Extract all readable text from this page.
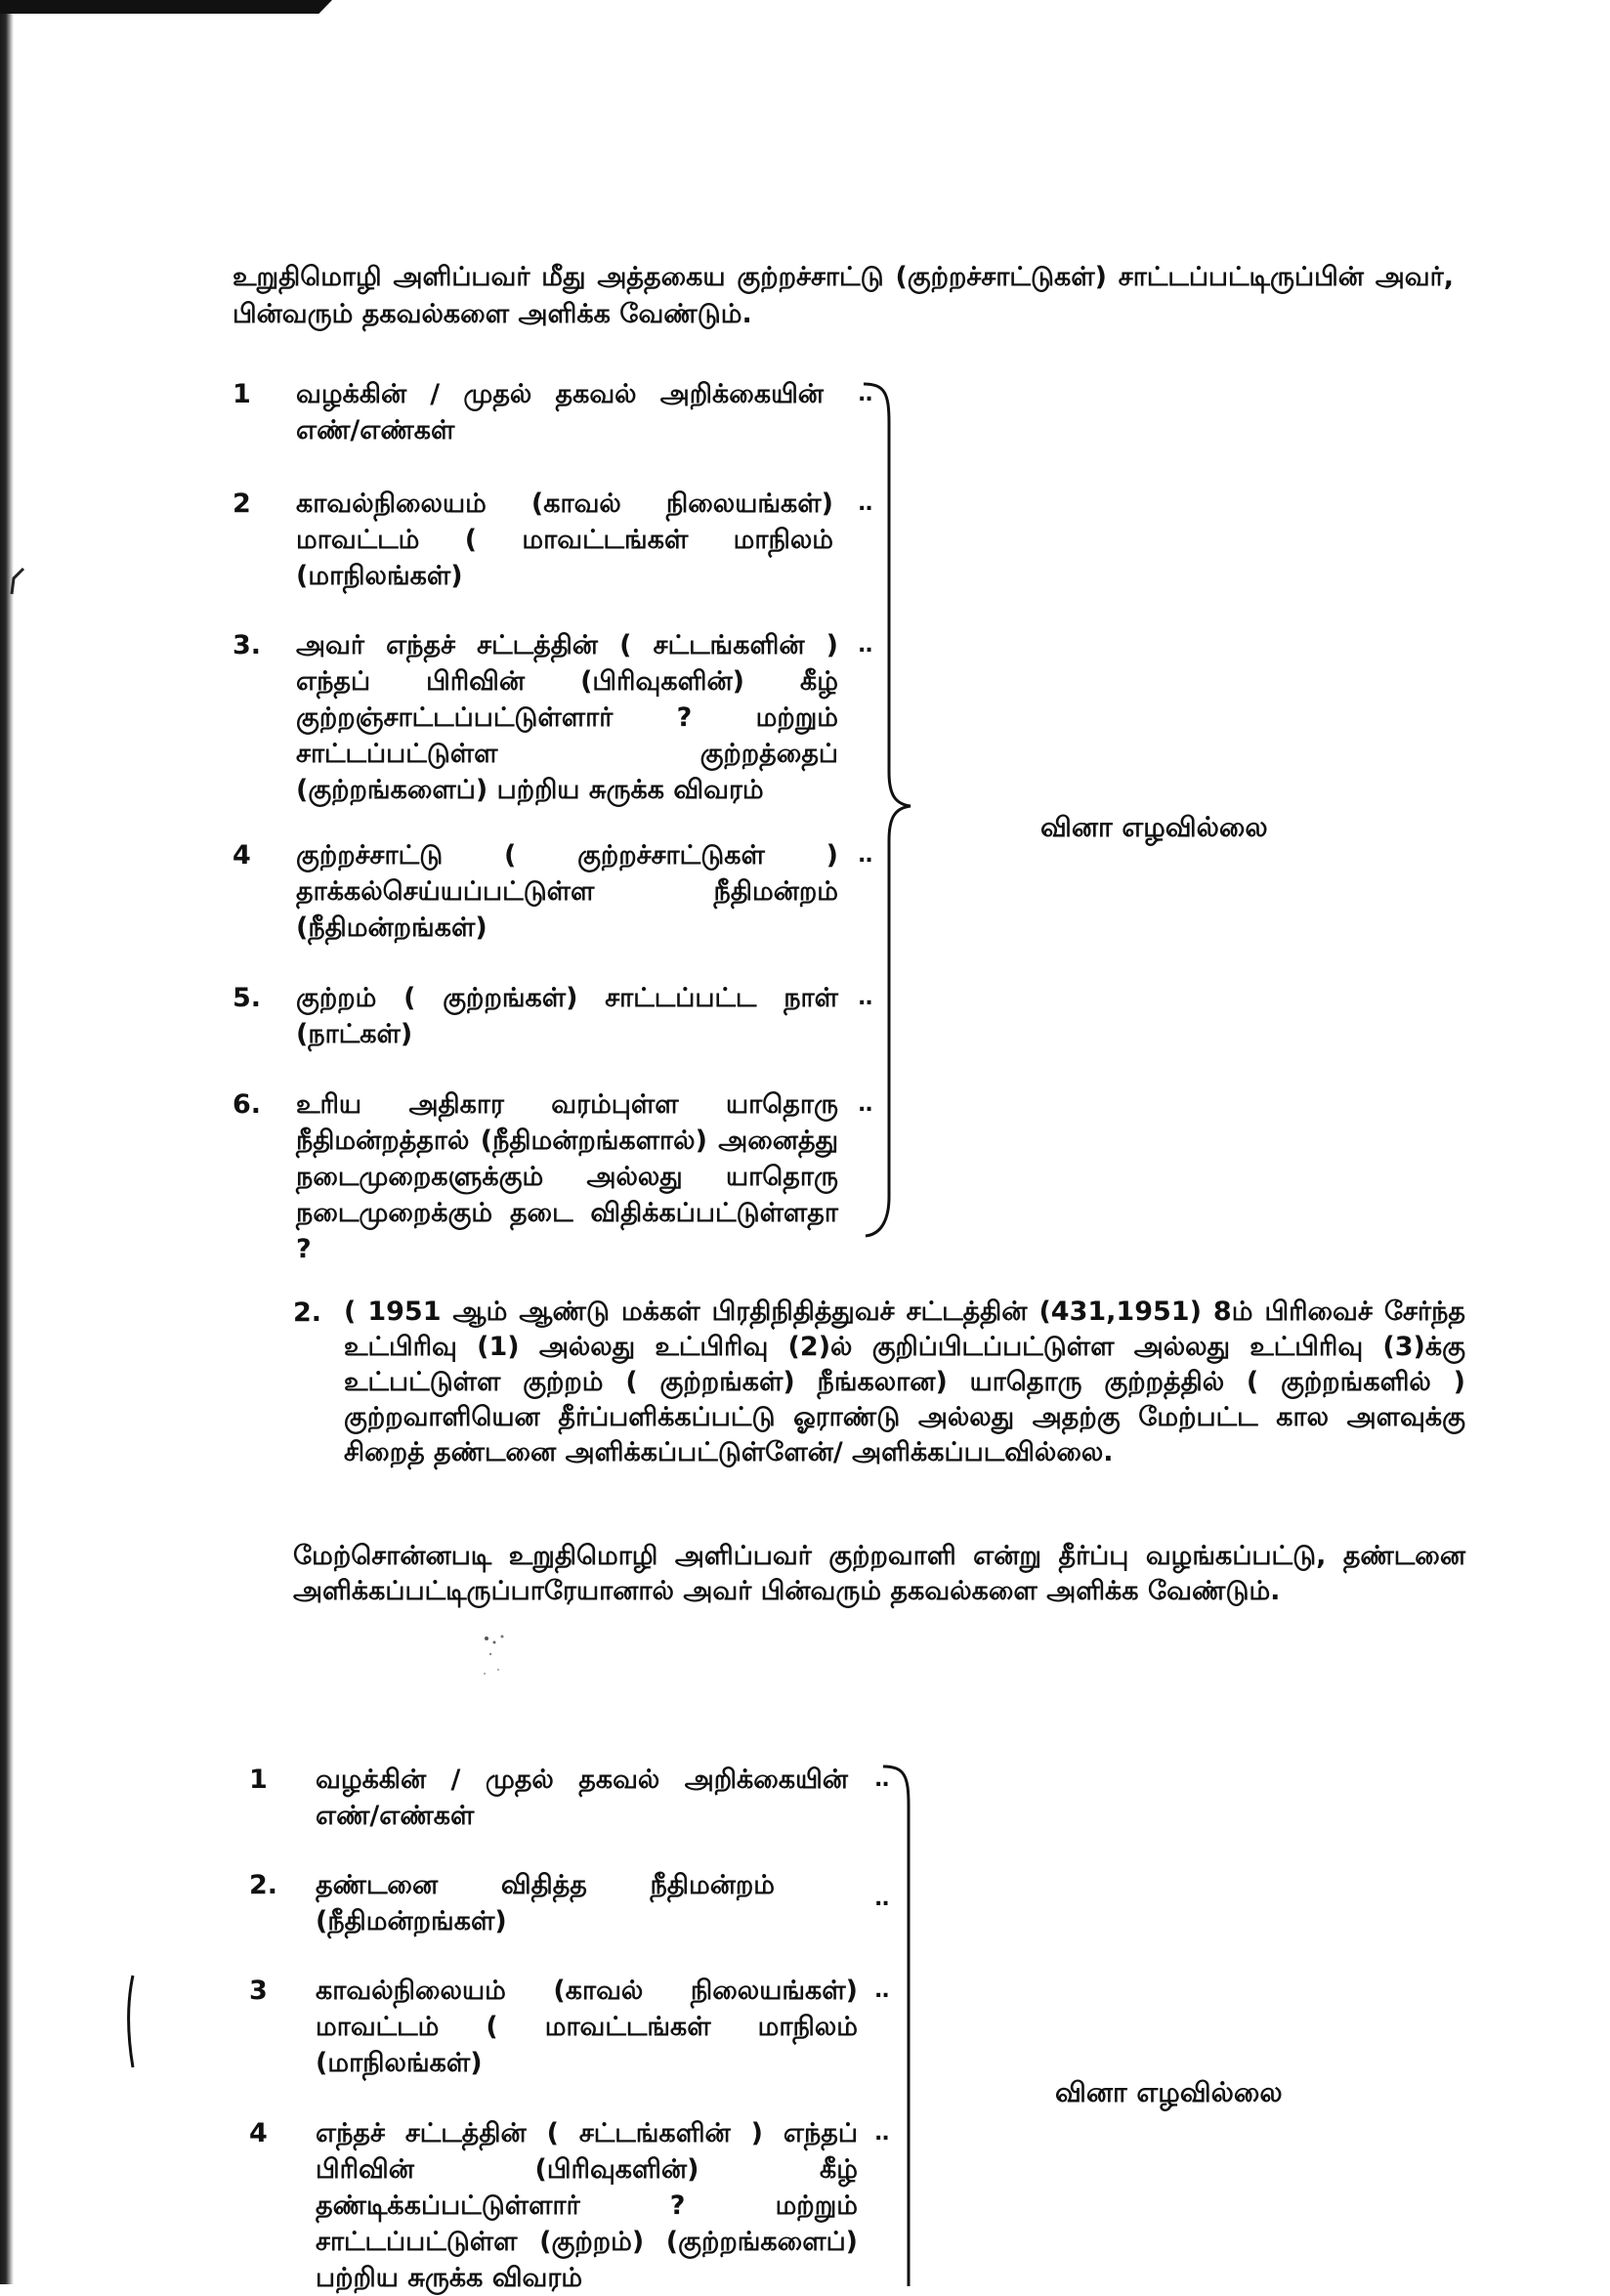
உறுதிமொழி அளிப்பவர் மீது அத்தகைய குற்றச்சாட்டு (குற்றச்சாட்டுகள்) சாட்டப்பட்டிருப்பின் அவர், பின்வரும் தகவல்களை அளிக்க வேண்டும்.
1 வழக்கின் / முதல் தகவல் அறிக்கையின் எண்/எண்கள்
..
2 காவல்நிலையம் (காவல் நிலையங்கள்) மாவட்டம் ( மாவட்டங்கள் மாநிலம் (மாநிலங்கள்)
..
3. அவர் எந்தச் சட்டத்தின் ( சட்டங்களின் ) எந்தப் பிரிவின் (பிரிவுகளின்) கீழ் குற்றஞ்சாட்டப்பட்டுள்ளார் ? மற்றும் சாட்டப்பட்டுள்ள குற்றத்தைப் (குற்றங்களைப்) பற்றிய சுருக்க விவரம்
..
4 குற்றச்சாட்டு ( குற்றச்சாட்டுகள் ) தாக்கல்செய்யப்பட்டுள்ள நீதிமன்றம் (நீதிமன்றங்கள்)
..
5. குற்றம் ( குற்றங்கள்) சாட்டப்பட்ட நாள் (நாட்கள்)
..
6. உரிய அதிகார வரம்புள்ள யாதொரு நீதிமன்றத்தால் (நீதிமன்றங்களால்) அனைத்து நடைமுறைகளுக்கும் அல்லது யாதொரு நடைமுறைக்கும் தடை விதிக்கப்பட்டுள்ளதா ?
..
வினா எழவில்லை
2. ( 1951 ஆம் ஆண்டு மக்கள் பிரதிநிதித்துவச் சட்டத்தின் (431,1951) 8ம் பிரிவைச் சேர்ந்த உட்பிரிவு (1) அல்லது உட்பிரிவு (2)ல் குறிப்பிடப்பட்டுள்ள அல்லது உட்பிரிவு (3)க்கு உட்பட்டுள்ள குற்றம் ( குற்றங்கள்) நீங்கலான) யாதொரு குற்றத்தில் ( குற்றங்களில் ) குற்றவாளியென தீர்ப்பளிக்கப்பட்டு ஓராண்டு அல்லது அதற்கு மேற்பட்ட கால அளவுக்கு சிறைத் தண்டனை அளிக்கப்பட்டுள்ளேன்/ அளிக்கப்படவில்லை.
மேற்சொன்னபடி உறுதிமொழி அளிப்பவர் குற்றவாளி என்று தீர்ப்பு வழங்கப்பட்டு, தண்டனை அளிக்கப்பட்டிருப்பாரேயானால் அவர் பின்வரும் தகவல்களை அளிக்க வேண்டும்.
1 வழக்கின் / முதல் தகவல் அறிக்கையின் எண்/எண்கள்
..
2. தண்டனை விதித்த நீதிமன்றம் (நீதிமன்றங்கள்)
..
3 காவல்நிலையம் (காவல் நிலையங்கள்) மாவட்டம் ( மாவட்டங்கள் மாநிலம் (மாநிலங்கள்)
..
4 எந்தச் சட்டத்தின் ( சட்டங்களின் ) எந்தப் பிரிவின் (பிரிவுகளின்) கீழ் தண்டிக்கப்பட்டுள்ளார் ? மற்றும் சாட்டப்பட்டுள்ள (குற்றம்) (குற்றங்களைப்) பற்றிய சுருக்க விவரம்
..
வினா எழவில்லை
